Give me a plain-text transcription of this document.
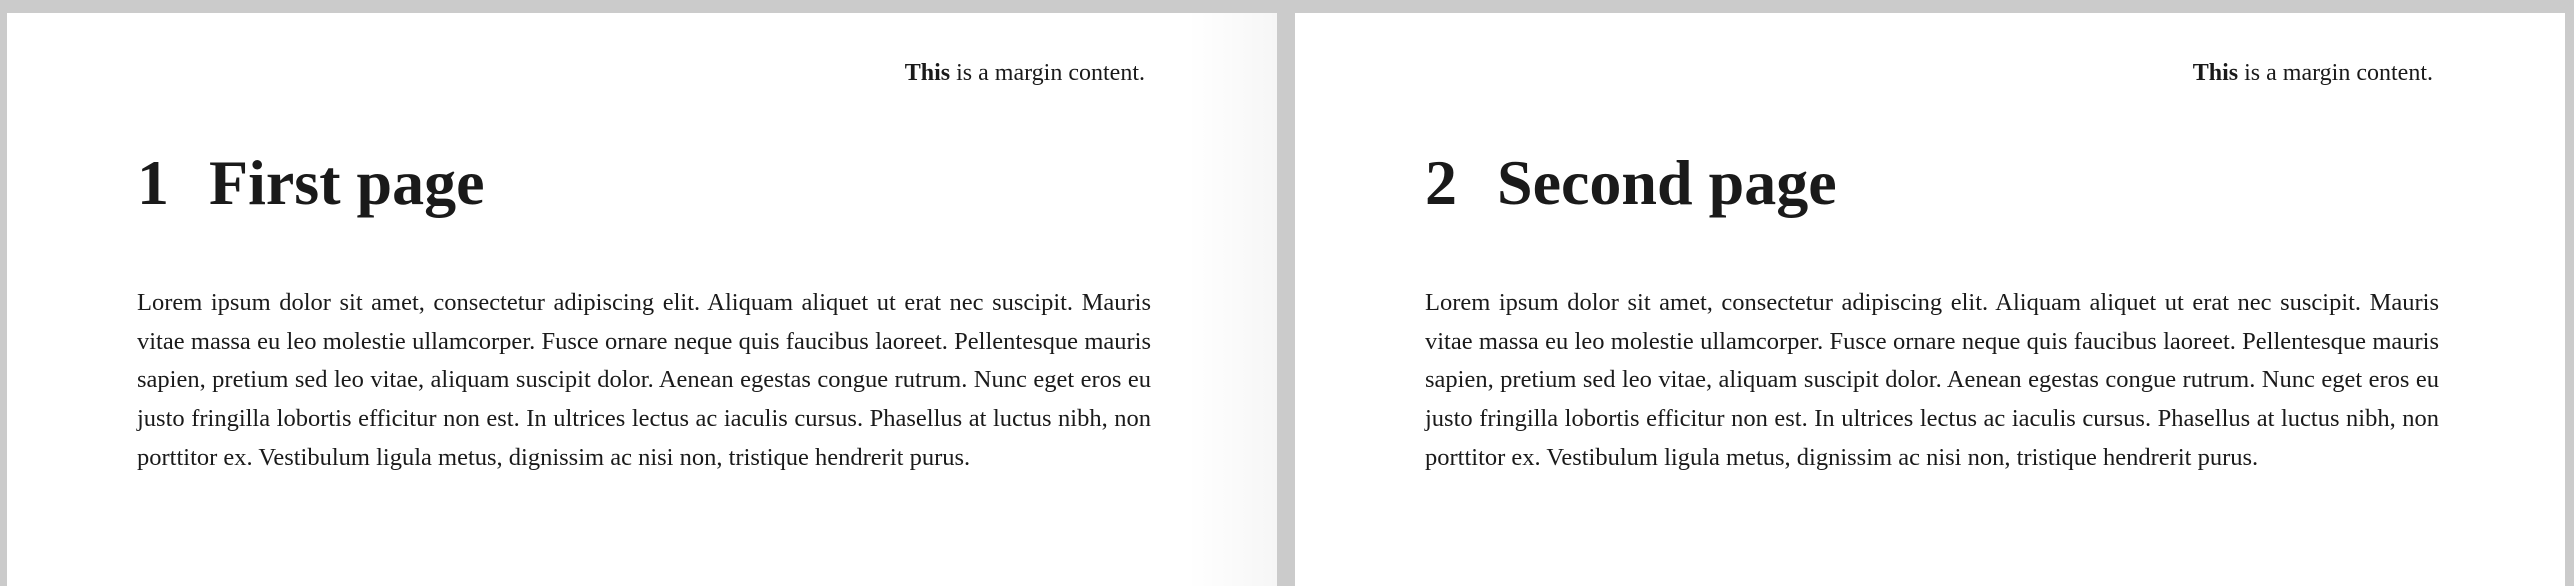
This is a margin content.
1 First page

Lorem ipsum dolor sit amet, consectetur adipiscing elit. Aliquam aliquet ut erat nec suscipit. Mauris vitae massa eu leo molestie ullamcorper. Fusce ornare neque quis faucibus laoreet. Pellentesque mauris sapien, pretium sed leo vitae, aliquam suscipit dolor. Aenean egestas congue rutrum. Nunc eget eros eu justo fringilla lobortis efficitur non est. In ultrices lectus ac iaculis cursus. Phasellus at luctus nibh, non porttitor ex. Vestibulum ligula metus, dignissim ac nisi non, tristique hendrerit purus.

This is a margin content.
2 Second page

Lorem ipsum dolor sit amet, consectetur adipiscing elit. Aliquam aliquet ut erat nec suscipit. Mauris vitae massa eu leo molestie ullamcorper. Fusce ornare neque quis faucibus laoreet. Pellentesque mauris sapien, pretium sed leo vitae, aliquam suscipit dolor. Aenean egestas congue rutrum. Nunc eget eros eu justo fringilla lobortis efficitur non est. In ultrices lectus ac iaculis cursus. Phasellus at luctus nibh, non porttitor ex. Vestibulum ligula metus, dignissim ac nisi non, tristique hendrerit purus.
